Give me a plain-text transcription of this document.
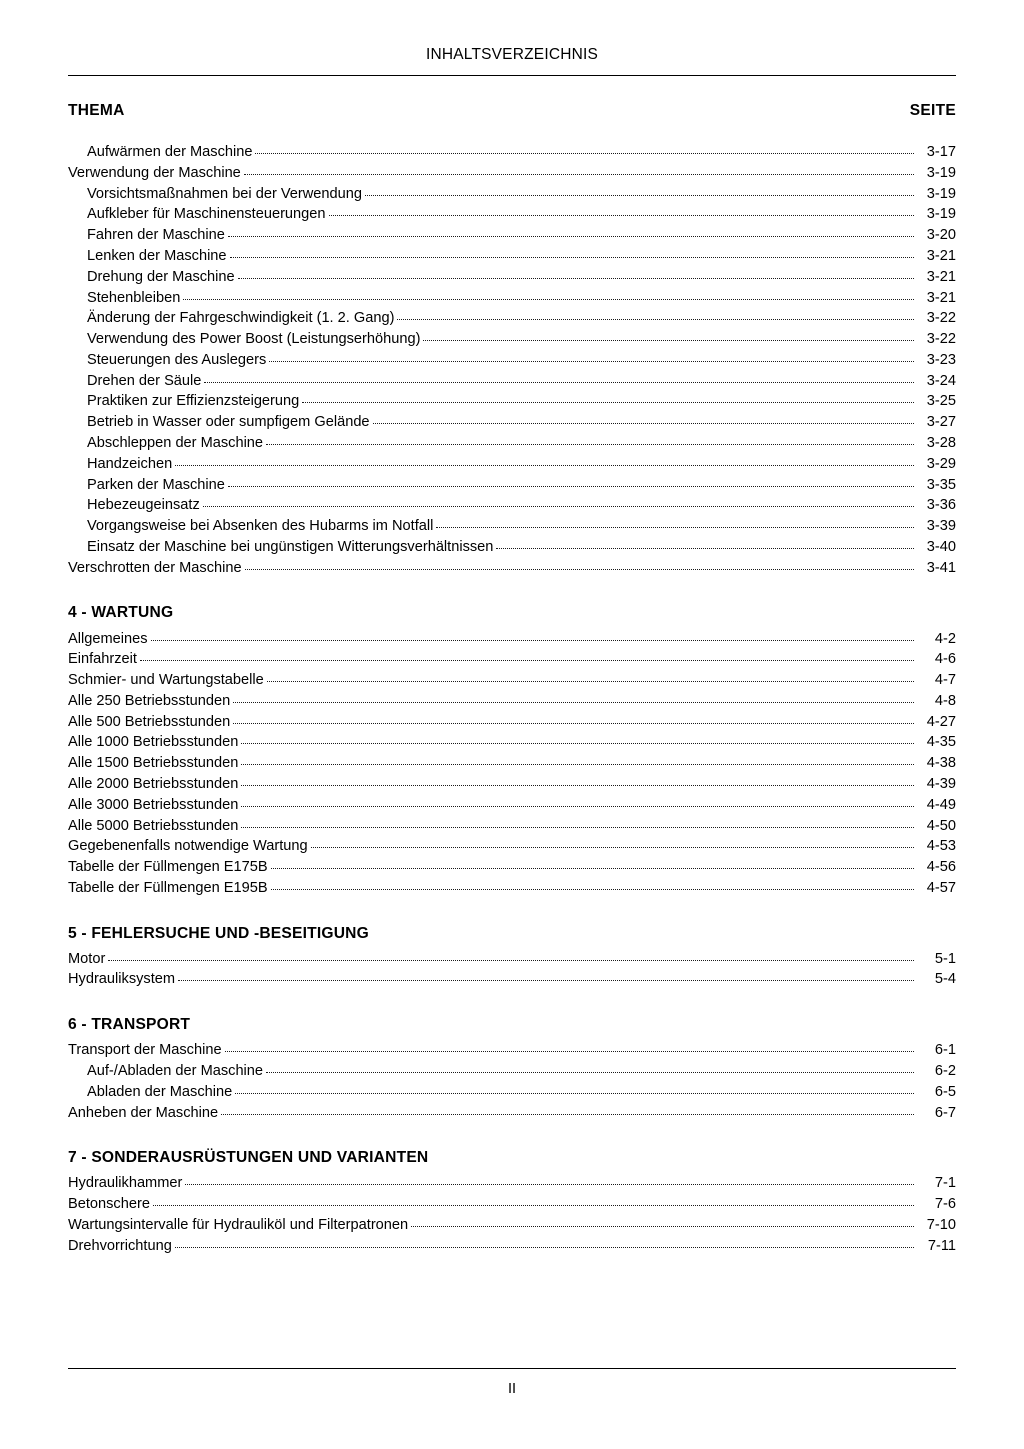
INHALTSVERZEICHNIS
THEMA	SEITE
Aufwärmen der Maschine	3-17
Verwendung der Maschine	3-19
Vorsichtsmaßnahmen bei der Verwendung	3-19
Aufkleber für Maschinensteuerungen	3-19
Fahren der Maschine	3-20
Lenken der Maschine	3-21
Drehung der Maschine	3-21
Stehenbleiben	3-21
Änderung der Fahrgeschwindigkeit (1. 2. Gang)	3-22
Verwendung des Power Boost (Leistungserhöhung)	3-22
Steuerungen des Auslegers	3-23
Drehen der Säule	3-24
Praktiken zur Effizienzsteigerung	3-25
Betrieb in Wasser oder sumpfigem Gelände	3-27
Abschleppen der Maschine	3-28
Handzeichen	3-29
Parken der Maschine	3-35
Hebezeugeinsatz	3-36
Vorgangsweise bei Absenken des Hubarms im Notfall	3-39
Einsatz der Maschine bei ungünstigen Witterungsverhältnissen	3-40
Verschrotten der Maschine	3-41
4 - WARTUNG
Allgemeines	4-2
Einfahrzeit	4-6
Schmier- und Wartungstabelle	4-7
Alle 250 Betriebsstunden	4-8
Alle 500 Betriebsstunden	4-27
Alle 1000 Betriebsstunden	4-35
Alle 1500 Betriebsstunden	4-38
Alle 2000 Betriebsstunden	4-39
Alle 3000 Betriebsstunden	4-49
Alle 5000 Betriebsstunden	4-50
Gegebenenfalls notwendige Wartung	4-53
Tabelle der Füllmengen E175B	4-56
Tabelle der Füllmengen E195B	4-57
5 - FEHLERSUCHE UND -BESEITIGUNG
Motor	5-1
Hydrauliksystem	5-4
6 - TRANSPORT
Transport der Maschine	6-1
Auf-/Abladen der Maschine	6-2
Abladen der Maschine	6-5
Anheben der Maschine	6-7
7 - SONDERAUSRÜSTUNGEN UND VARIANTEN
Hydraulikhammer	7-1
Betonschere	7-6
Wartungsintervalle für Hydrauliköl und Filterpatronen	7-10
Drehvorrichtung	7-11
II
